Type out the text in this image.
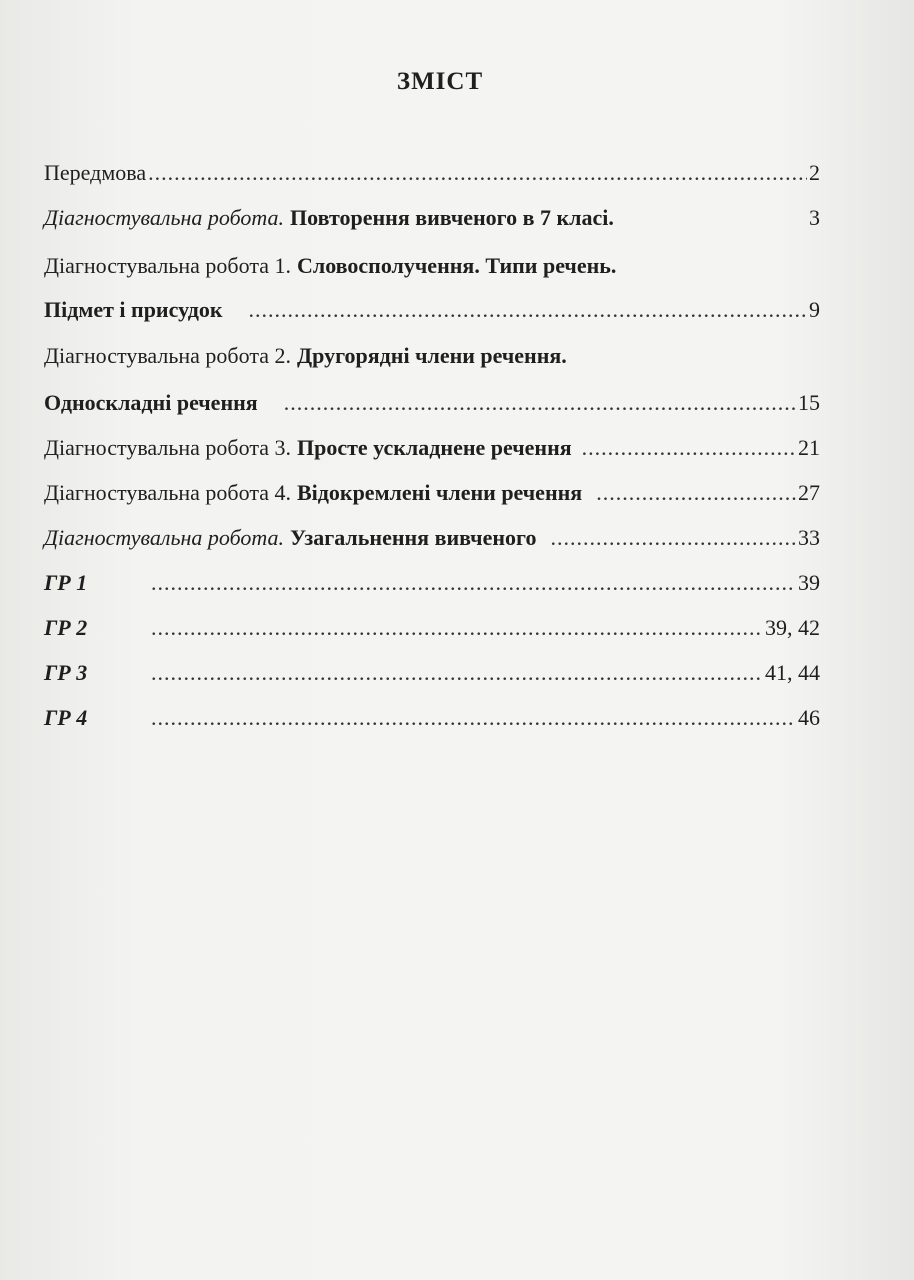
ЗМІСТ
Передмова .....	2
Діагностувальна робота. Повторення вивченого в 7 класі.	3
Діагностувальна робота 1. Словосполучення. Типи речень.
Підмет і присудок .....	9
Діагностувальна робота 2. Другорядні члени речення.
Односкладні речення .....	15
Діагностувальна робота 3. Просте ускладнене речення .....	21
Діагностувальна робота 4. Відокремлені члени речення .....	27
Діагностувальна робота. Узагальнення вивченого .....	33
ГР 1 .....	39
ГР 2 .....	39, 42
ГР 3 .....	41, 44
ГР 4 .....	46
